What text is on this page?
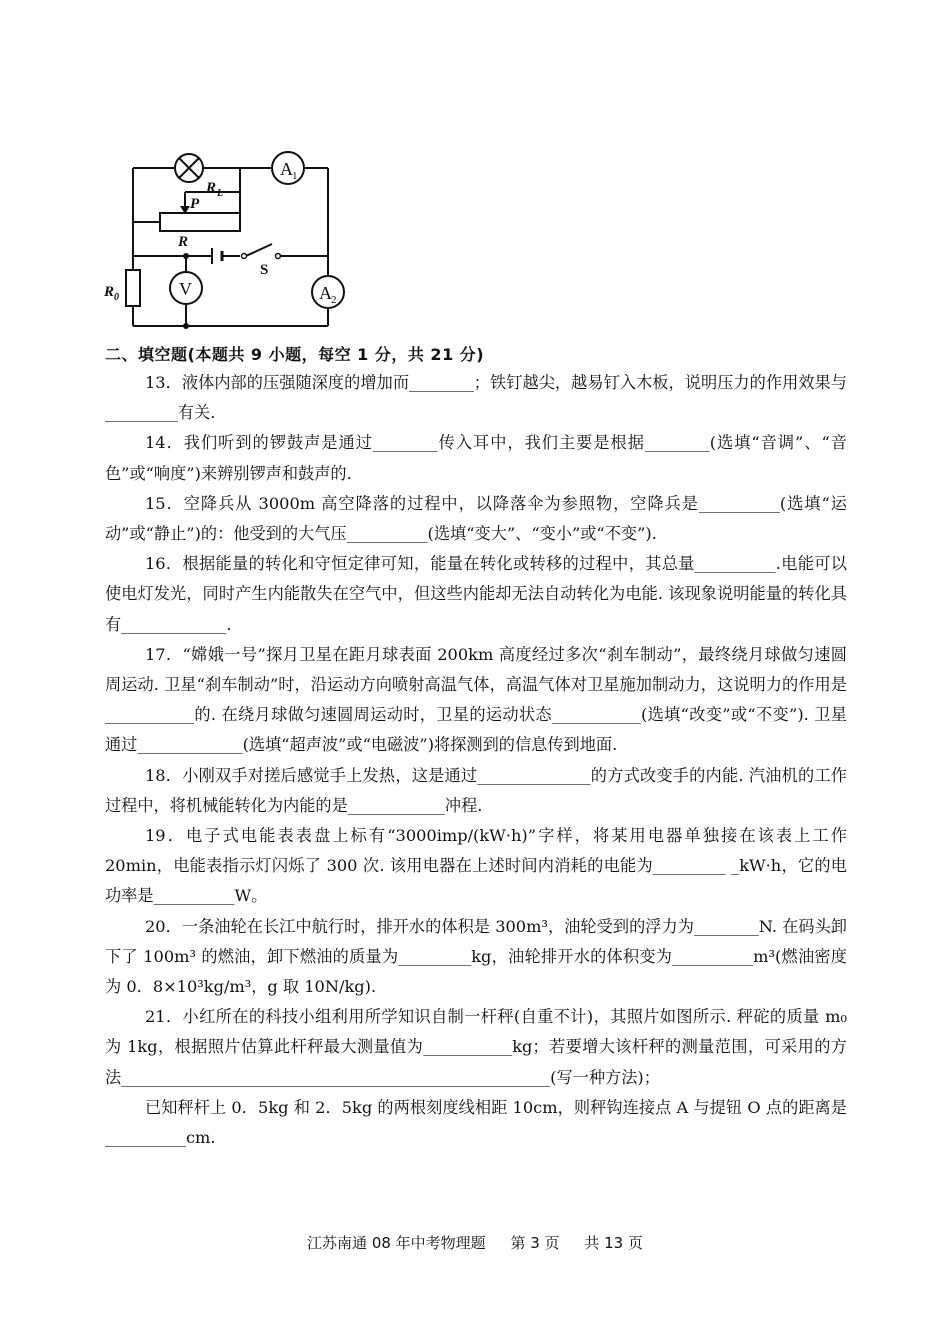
A 1
V	A 2
R L
P
R
R 0
S
二、填空题(本题共 9 小题，每空 1 分，共 21 分)
13．液体内部的压强随深度的增加而________；铁钉越尖，越易钉入木板，说明压力的作用效果与_________有关.
14．我们听到的锣鼓声是通过________传入耳中，我们主要是根据________(选填“音调”、“音色”或“响度”)来辨别锣声和鼓声的.
15．空降兵从 3000m 高空降落的过程中，以降落伞为参照物，空降兵是__________(选填“运动”或“静止”)的：他受到的大气压__________(选填“变大”、“变小”或“不变”).
16．根据能量的转化和守恒定律可知，能量在转化或转移的过程中，其总量__________.电能可以使电灯发光，同时产生内能散失在空气中，但这些内能却无法自动转化为电能. 该现象说明能量的转化具有_____________.
17．“嫦娥一号”探月卫星在距月球表面 200km 高度经过多次“刹车制动”，最终绕月球做匀速圆周运动. 卫星“刹车制动”时，沿运动方向喷射高温气体，高温气体对卫星施加制动力，这说明力的作用是___________的. 在绕月球做匀速圆周运动时，卫星的运动状态___________(选填“改变”或“不变”). 卫星通过_____________(选填“超声波”或“电磁波”)将探测到的信息传到地面.
18．小刚双手对搓后感觉手上发热，这是通过______________的方式改变手的内能. 汽油机的工作过程中，将机械能转化为内能的是____________冲程.
19．电子式电能表表盘上标有“3000imp/(kW·h)”字样，将某用电器单独接在该表上工作 20min，电能表指示灯闪烁了 300 次. 该用电器在上述时间内消耗的电能为_________ _kW·h，它的电功率是__________W。
20．一条油轮在长江中航行时，排开水的体积是 300m³，油轮受到的浮力为________N. 在码头卸下了 100m³ 的燃油，卸下燃油的质量为_________kg，油轮排开水的体积变为__________m³(燃油密度为 0．8×10³kg/m³，g 取 10N/kg).
21．小红所在的科技小组利用所学知识自制一杆秤(自重不计)，其照片如图所示. 秤砣的质量 m₀ 为 1kg，根据照片估算此杆秤最大测量值为___________kg；若要增大该杆秤的测量范围，可采用的方法_____________________________________________________(写一种方法)；
已知秤杆上 0．5kg 和 2．5kg 的两根刻度线相距 10cm，则秤钩连接点 A 与提钮 O 点的距离是__________cm.
江苏南通 08 年中考物理题 第 3 页 共 13 页
